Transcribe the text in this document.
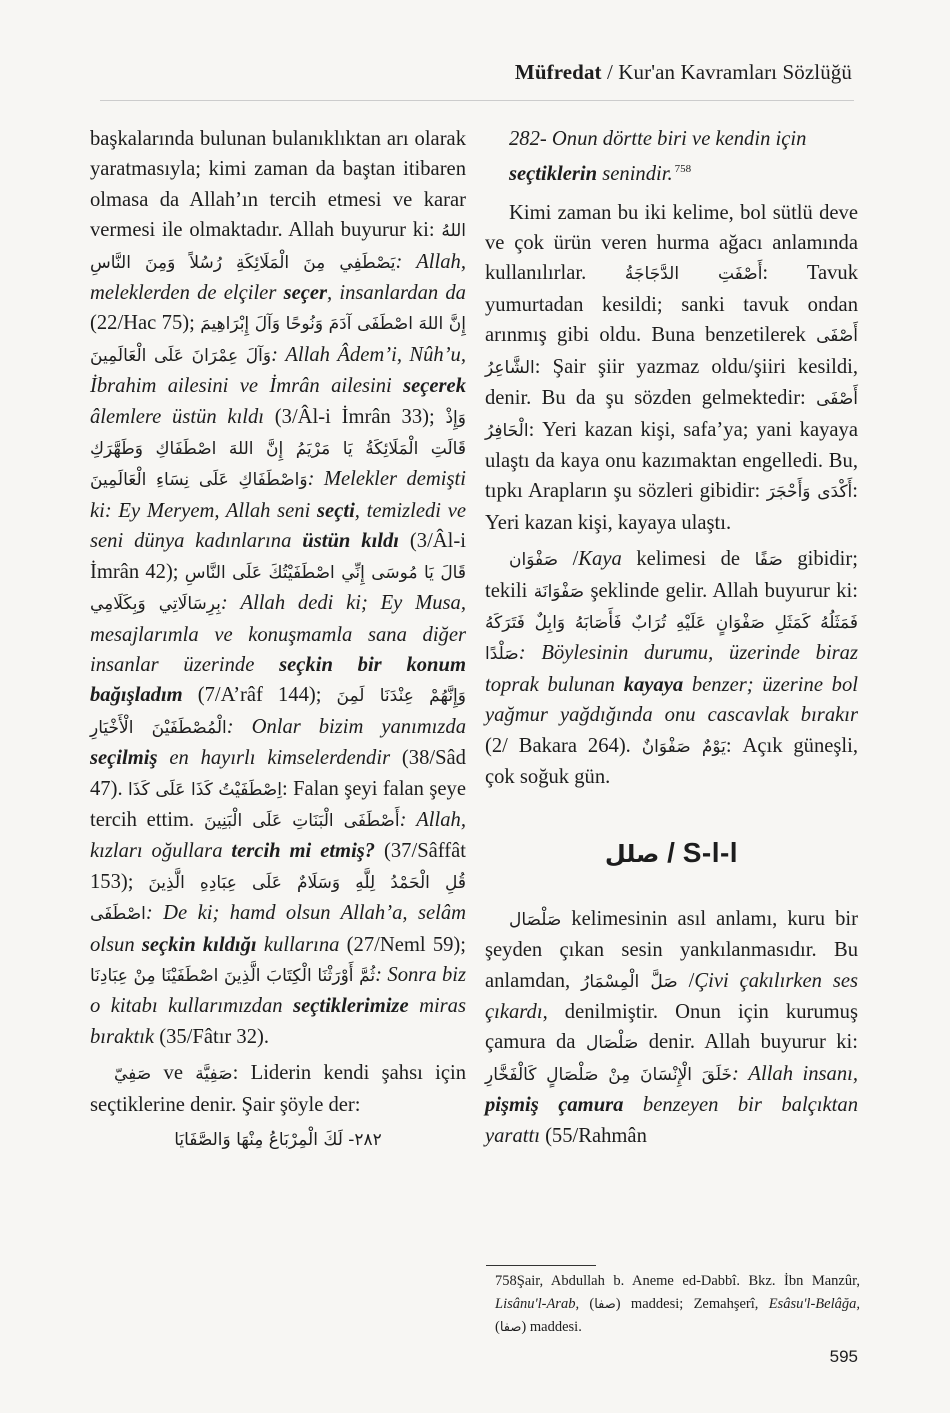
Müfredat / Kur'an Kavramları Sözlüğü

başkalarında bulunan bulanıklıktan arı olarak yaratmasıyla; kimi zaman da baştan itibaren olmasa da Allah’ın tercih etmesi ve karar vermesi ile olmaktadır. Allah buyurur ki: اللهُ يَصْطَفِي مِنَ الْمَلَائِكَةِ رُسُلاً وَمِنَ النَّاسِ: Allah, meleklerden de elçiler seçer, insanlardan da (22/Hac 75); إِنَّ اللهَ اصْطَفَى آدَمَ وَنُوحًا وَآلَ إِبْرَاهِيمَ وَآلَ عِمْرَانَ عَلَى الْعَالَمِينَ: Allah Âdem’i, Nûh’u, İbrahim ailesini ve İmrân ailesini seçerek âlemlere üstün kıldı (3/Âl-i İmrân 33); وَإِذْ قَالَتِ الْمَلَائِكَةُ يَا مَرْيَمُ إِنَّ اللهَ اصْطَفَاكِ وَطَهَّرَكِ وَاصْطَفَاكِ عَلَى نِسَاءِ الْعَالَمِينَ: Melekler demişti ki: Ey Meryem, Allah seni seçti, temizledi ve seni dünya kadınlarına üstün kıldı (3/Âl-i İmrân 42); قَالَ يَا مُوسَى إِنِّي اصْطَفَيْتُكَ عَلَى النَّاسِ بِرِسَالَاتِي وَبِكَلَامِي: Allah dedi ki; Ey Musa, mesajlarımla ve konuşmamla sana diğer insanlar üzerinde seçkin bir konum bağışladım (7/A’râf 144); وَإِنَّهُمْ عِنْدَنَا لَمِنَ الْمُصْطَفَيْنَ الْأَخْيَارِ: Onlar bizim yanımızda seçilmiş en hayırlı kimselerdendir (38/Sâd 47). اِصْطَفَيْتُ كَذَا عَلَى كَذَا: Falan şeyi falan şeye tercih ettim. أَصْطَفَى الْبَنَاتِ عَلَى الْبَنِينَ: Allah, kızları oğullara tercih mi etmiş? (37/Sâffât 153); قُلِ الْحَمْدُ لِلَّهِ وَسَلَامٌ عَلَى عِبَادِهِ الَّذِينَ اصْطَفَى: De ki; hamd olsun Allah’a, selâm olsun seçkin kıldığı kullarına (27/Neml 59); ثُمَّ أَوْرَثْنَا الْكِتَابَ الَّذِينَ اصْطَفَيْنَا مِنْ عِبَادِنَا: Sonra biz o kitabı kullarımızdan seçtiklerimize miras bıraktık (35/Fâtır 32).

صَفِيّ ve صَفِيَّة: Liderin kendi şahsı için seçtiklerine denir. Şair şöyle der:

٢٨٢- لَكَ الْمِرْبَاعُ مِنْهَا وَالصَّفَايَا

282- Onun dörtte biri ve kendin için seçtiklerin senindir. $^{758}$

Kimi zaman bu iki kelime, bol sütlü deve ve çok ürün veren hurma ağacı anlamında kullanılırlar. أَصْفَتِ الدَّجَاجَةُ: Tavuk yumurtadan kesildi; sanki tavuk ondan arınmış gibi oldu. Buna benzetilerek أَصْفَى الشَّاعِرُ: Şair şiir yazmaz oldu/şiiri kesildi, denir. Bu da şu sözden gelmektedir: أَصْفَى الْحَافِرُ: Yeri kazan kişi, safa’ya; yani kayaya ulaştı da kaya onu kazımaktan engelledi. Bu, tıpkı Arapların şu sözleri gibidir: أَكْدَى وَأَحْجَرَ: Yeri kazan kişi, kayaya ulaştı.

صَفْوَان /Kaya kelimesi de صَفًا gibidir; tekili صَفْوَانَة şeklinde gelir. Allah buyurur ki: فَمَثَلُهُ كَمَثَلِ صَفْوَانٍ عَلَيْهِ تُرَابٌ فَأَصَابَهُ وَابِلٌ فَتَرَكَهُ صَلْدًا: Böylesinin durumu, üzerinde biraz toprak bulunan kayaya benzer; üzerine bol yağmur yağdığında onu cascavlak bırakır (2/ Bakara 264). يَوْمٌ صَفْوَانٌ: Açık güneşli, çok soğuk gün.

صلل / S-l-l

صَلْصَال kelimesinin asıl anlamı, kuru bir şeyden çıkan sesin yankılanmasıdır. Bu anlamdan, صَلَّ الْمِسْمَارُ /Çivi çakılırken ses çıkardı, denilmiştir. Onun için kurumuş çamura da صَلْصَال denir. Allah buyurur ki: خَلَقَ الْإِنْسَانَ مِنْ صَلْصَالٍ كَالْفَخَّارِ: Allah insanı, pişmiş çamura benzeyen bir balçıktan yarattı (55/Rahmân

758Şair, Abdullah b. Aneme ed-Dabbî. Bkz. İbn Manzûr, Lisânu'l-Arab, (صفا) maddesi; Zemahşerî, Esâsu'l-Belâğa, (صفا) maddesi.
595
